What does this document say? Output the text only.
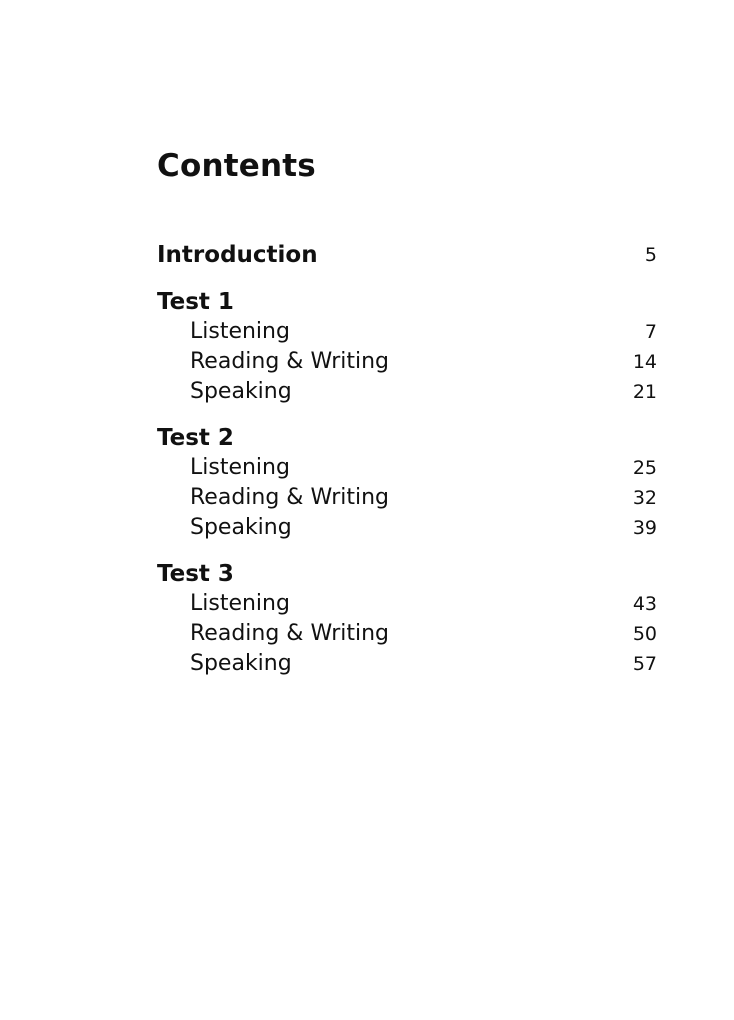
Contents
Introduction	5
Test 1
Listening	7
Reading & Writing	14
Speaking	21
Test 2
Listening	25
Reading & Writing	32
Speaking	39
Test 3
Listening	43
Reading & Writing	50
Speaking	57
